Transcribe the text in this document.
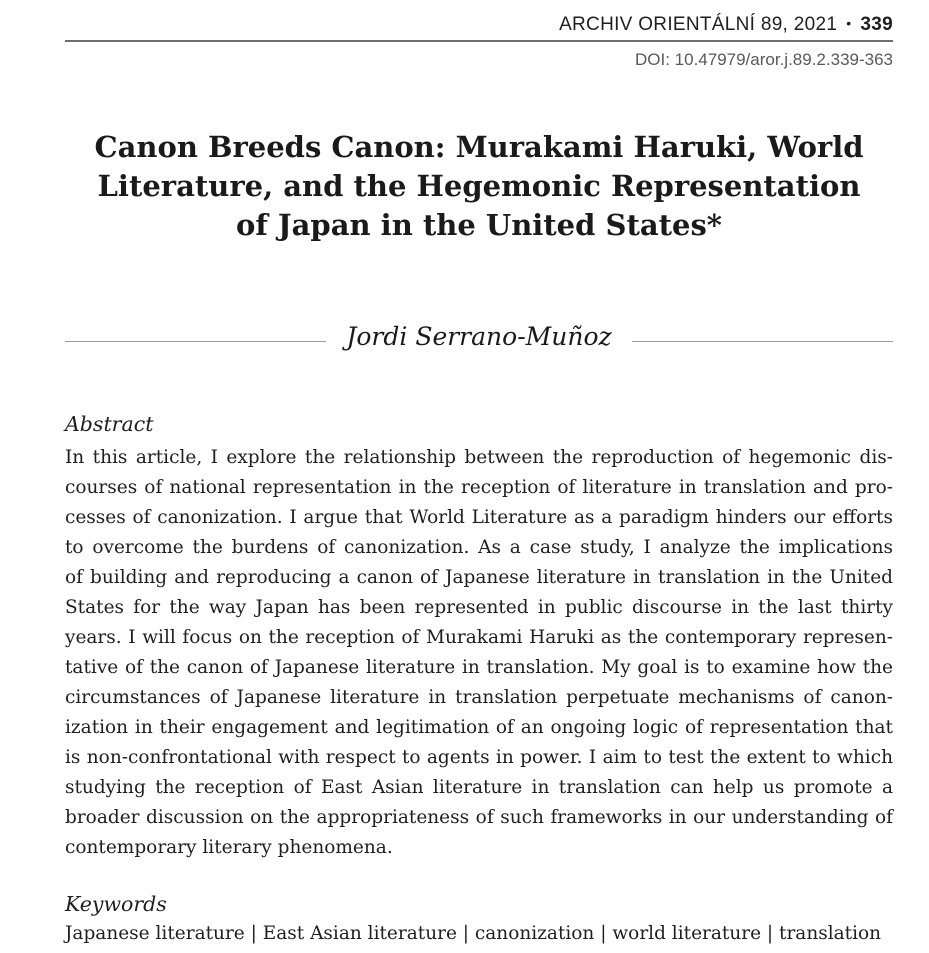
ARCHIV ORIENTÁLNÍ 89, 2021 • 339
DOI: 10.47979/aror.j.89.2.339-363
Canon Breeds Canon: Murakami Haruki, World
Literature, and the Hegemonic Representation
of Japan in the United States*
Jordi Serrano-Muñoz
Abstract
In this article, I explore the relationship between the reproduction of hegemonic dis-
courses of national representation in the reception of literature in translation and pro-
cesses of canonization. I argue that World Literature as a paradigm hinders our efforts
to overcome the burdens of canonization. As a case study, I analyze the implications
of building and reproducing a canon of Japanese literature in translation in the United
States for the way Japan has been represented in public discourse in the last thirty
years. I will focus on the reception of Murakami Haruki as the contemporary represen-
tative of the canon of Japanese literature in translation. My goal is to examine how the
circumstances of Japanese literature in translation perpetuate mechanisms of canon-
ization in their engagement and legitimation of an ongoing logic of representation that
is non-confrontational with respect to agents in power. I aim to test the extent to which
studying the reception of East Asian literature in translation can help us promote a
broader discussion on the appropriateness of such frameworks in our understanding of
contemporary literary phenomena.
Keywords
Japanese literature | East Asian literature | canonization | world literature | translation
